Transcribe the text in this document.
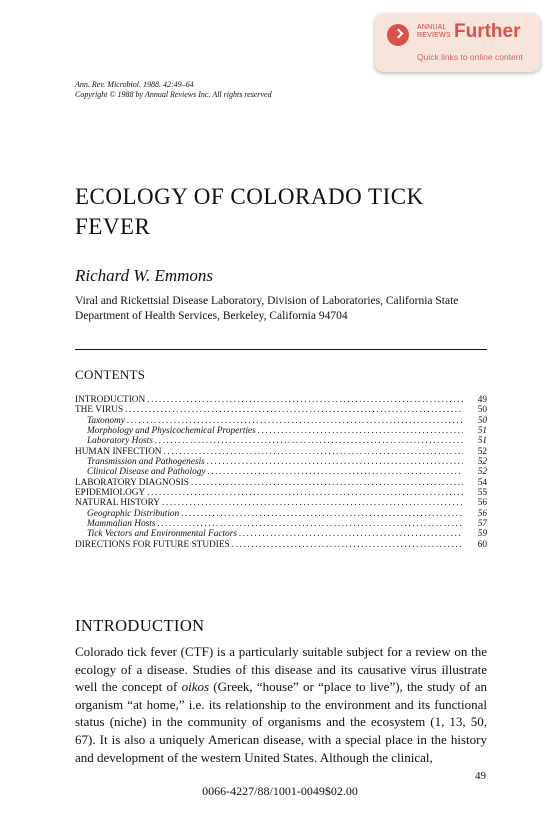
ANNUAL
REVIEWS Further
Quick links to online content
Ann. Rev. Microbiol. 1988. 42:49–64
Copyright © 1988 by Annual Reviews Inc. All rights reserved
ECOLOGY OF COLORADO TICK FEVER
Richard W. Emmons
Viral and Rickettsial Disease Laboratory, Division of Laboratories, California State Department of Health Services, Berkeley, California 94704
CONTENTS
INTRODUCTION .....	49
THE VIRUS .....	50
Taxonomy .....	50
Morphology and Physicochemical Properties .....	51
Laboratory Hosts .....	51
HUMAN INFECTION .....	52
Transmission and Pathogenesis .....	52
Clinical Disease and Pathology .....	52
LABORATORY DIAGNOSIS .....	54
EPIDEMIOLOGY .....	55
NATURAL HISTORY .....	56
Geographic Distribution .....	56
Mammalian Hosts .....	57
Tick Vectors and Environmental Factors .....	59
DIRECTIONS FOR FUTURE STUDIES .....	60
INTRODUCTION
Colorado tick fever (CTF) is a particularly suitable subject for a review on the ecology of a disease. Studies of this disease and its causative virus illustrate well the concept of oikos (Greek, “house” or “place to live”), the study of an organism “at home,” i.e. its relationship to the environment and its functional status (niche) in the community of organisms and the ecosystem (1, 13, 50, 67). It is also a uniquely American disease, with a special place in the history and development of the western United States. Although the clinical,
49
0066-4227/88/1001-0049$02.00
